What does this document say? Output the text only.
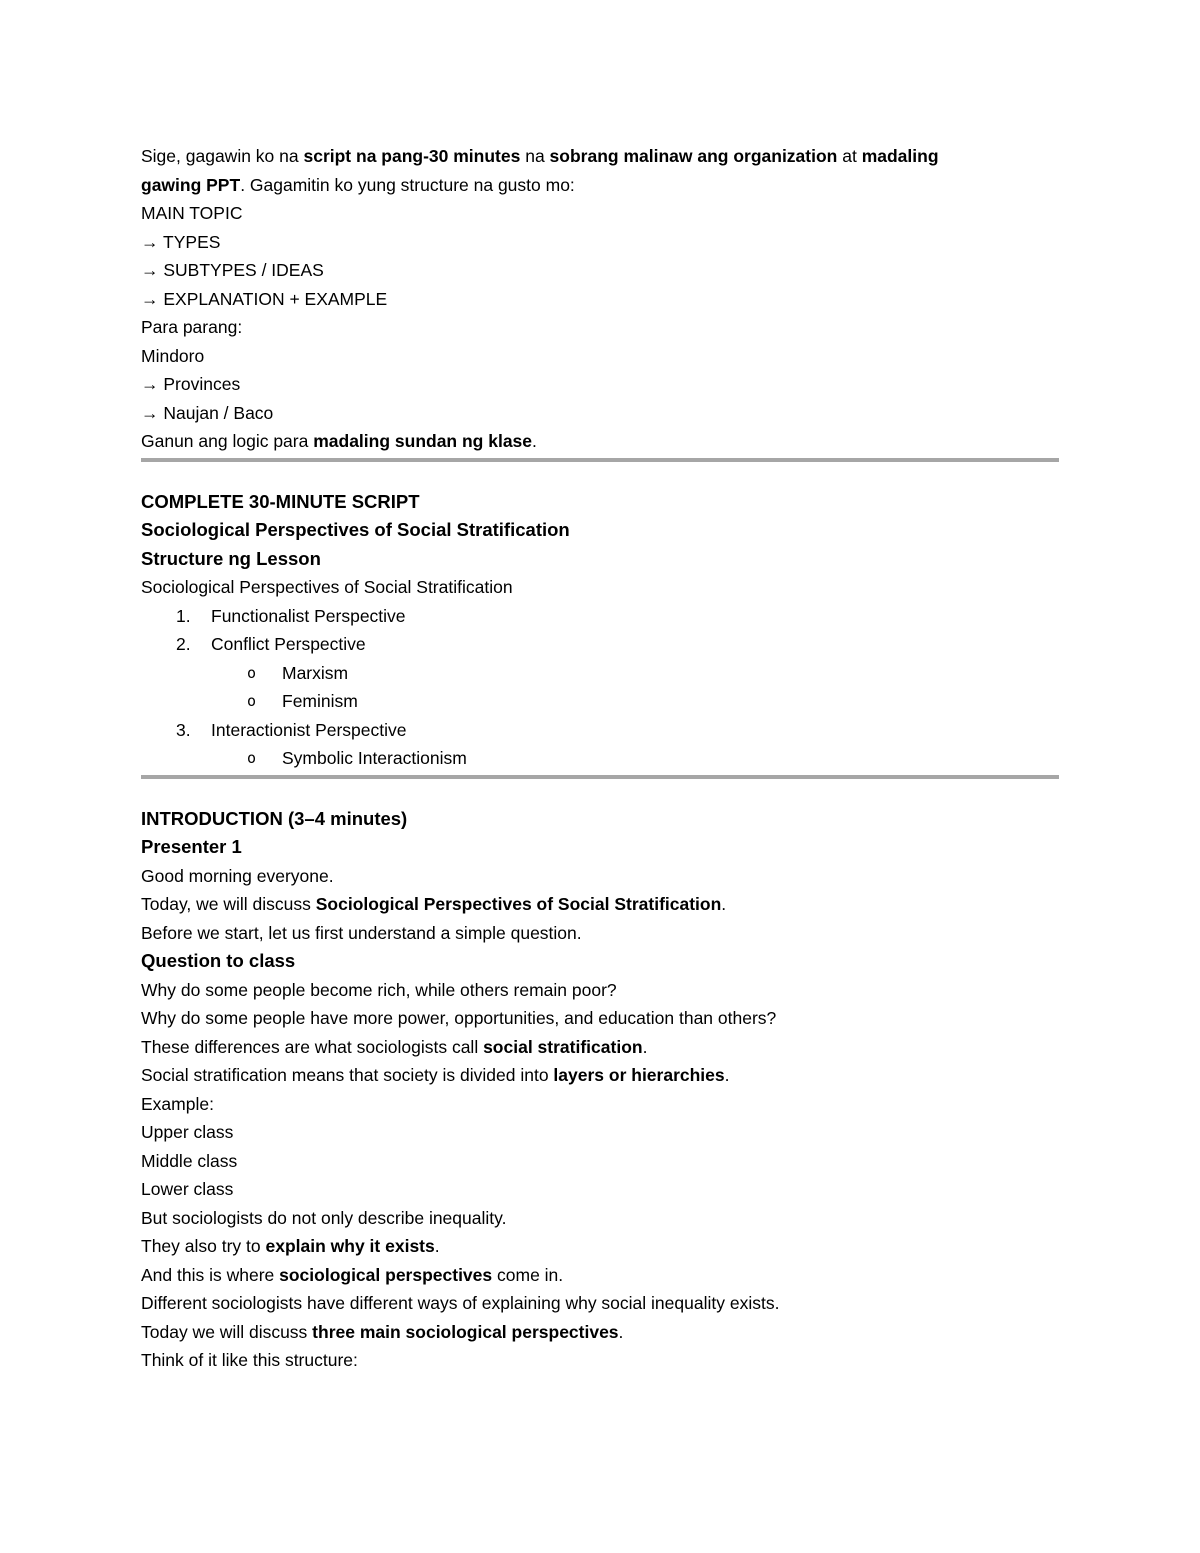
Sige, gagawin ko na script na pang-30 minutes na sobrang malinaw ang organization at madaling
gawing PPT. Gagamitin ko yung structure na gusto mo:
MAIN TOPIC
→ TYPES
→ SUBTYPES / IDEAS
→ EXPLANATION + EXAMPLE
Para parang:
Mindoro
→ Provinces
→ Naujan / Baco
Ganun ang logic para madaling sundan ng klase.
COMPLETE 30-MINUTE SCRIPT
Sociological Perspectives of Social Stratification
Structure ng Lesson
Sociological Perspectives of Social Stratification
1.	Functionalist Perspective
2.	Conflict Perspective
o Marxism
o Feminism
3.	Interactionist Perspective
o Symbolic Interactionism
INTRODUCTION (3–4 minutes)
Presenter 1
Good morning everyone.
Today, we will discuss Sociological Perspectives of Social Stratification.
Before we start, let us first understand a simple question.
Question to class
Why do some people become rich, while others remain poor?
Why do some people have more power, opportunities, and education than others?
These differences are what sociologists call social stratification.
Social stratification means that society is divided into layers or hierarchies.
Example:
Upper class
Middle class
Lower class
But sociologists do not only describe inequality.
They also try to explain why it exists.
And this is where sociological perspectives come in.
Different sociologists have different ways of explaining why social inequality exists.
Today we will discuss three main sociological perspectives.
Think of it like this structure:
